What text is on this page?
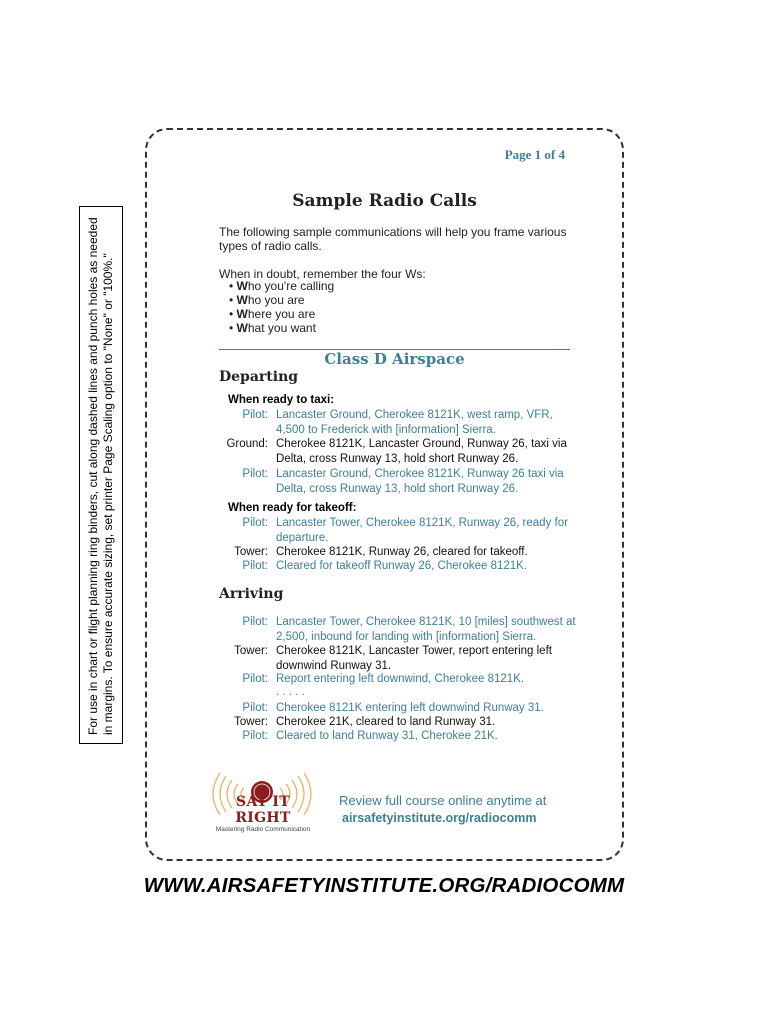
For use in chart or flight planning ring binders, cut along dashed lines and punch holes as needed in margins. To ensure accurate sizing, set printer Page Scaling option to "None" or "100%."
Page 1 of 4
Sample Radio Calls

The following sample communications will help you frame various types of radio calls.

When in doubt, remember the four Ws:

• Who you're calling
• Who you are
• Where you are
• What you want
Class D Airspace
Departing
When ready to taxi:
Pilot: Lancaster Ground, Cherokee 8121K, west ramp, VFR, 4,500 to Frederick with [information] Sierra.
Ground: Cherokee 8121K, Lancaster Ground, Runway 26, taxi via Delta, cross Runway 13, hold short Runway 26.
Pilot: Lancaster Ground, Cherokee 8121K, Runway 26 taxi via Delta, cross Runway 13, hold short Runway 26.
When ready for takeoff:
Pilot: Lancaster Tower, Cherokee 8121K, Runway 26, ready for departure.
Tower: Cherokee 8121K, Runway 26, cleared for takeoff.
Pilot: Cleared for takeoff Runway 26, Cherokee 8121K.
Arriving
Pilot: Lancaster Tower, Cherokee 8121K, 10 [miles] southwest at 2,500, inbound for landing with [information] Sierra.
Tower: Cherokee 8121K, Lancaster Tower, report entering left downwind Runway 31.
Pilot: Report entering left downwind, Cherokee 8121K.
. . . . .
Pilot: Cherokee 8121K entering left downwind Runway 31.
Tower: Cherokee 21K, cleared to land Runway 31.
Pilot: Cleared to land Runway 31, Cherokee 21K.
SAY IT RIGHT
Mastering Radio Communication
Review full course online anytime at
airsafetyinstitute.org/radiocomm
WWW.AIRSAFETYINSTITUTE.ORG/RADIOCOMM
